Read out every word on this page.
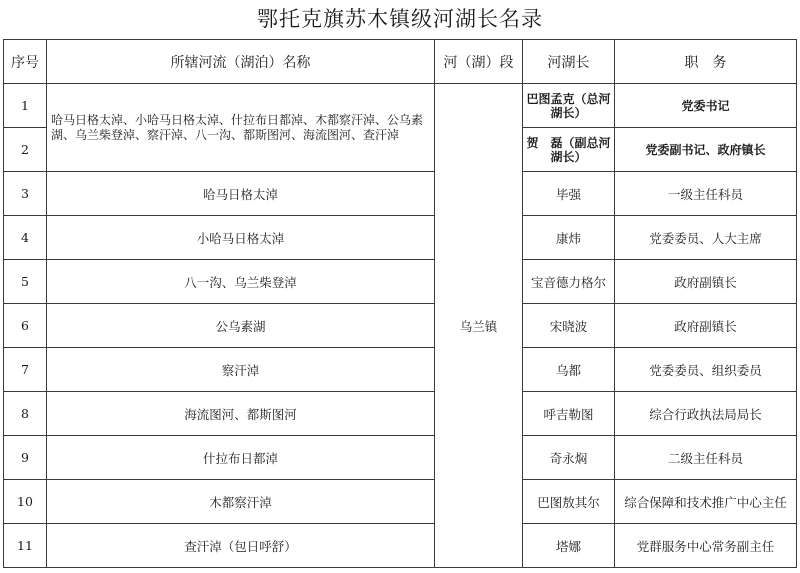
鄂托克旗苏木镇级河湖长名录
序号	所辖河流（湖泊）名称	河（湖）段	河湖长	职　务
1	哈马日格太淖、小哈马日格太淖、什拉布日都淖、木都察汗淖、公乌素湖、乌兰柴登淖、察汗淖、八一沟、都斯图河、海流图河、查汗淖	乌兰镇	巴图孟克（总河湖长）	党委书记
2			贺　磊（副总河湖长）	党委副书记、政府镇长
3	哈马日格太淖		毕强	一级主任科员
4	小哈马日格太淖		康炜	党委委员、人大主席
5	八一沟、乌兰柴登淖		宝音德力格尔	政府副镇长
6	公乌素湖		宋晓波	政府副镇长
7	察汗淖		乌都	党委委员、组织委员
8	海流图河、都斯图河		呼吉勒图	综合行政执法局局长
9	什拉布日都淖		奇永焖	二级主任科员
10	木都察汗淖		巴图敖其尔	综合保障和技术推广中心主任
11	查汗淖（包日呼舒）		塔娜	党群服务中心常务副主任
